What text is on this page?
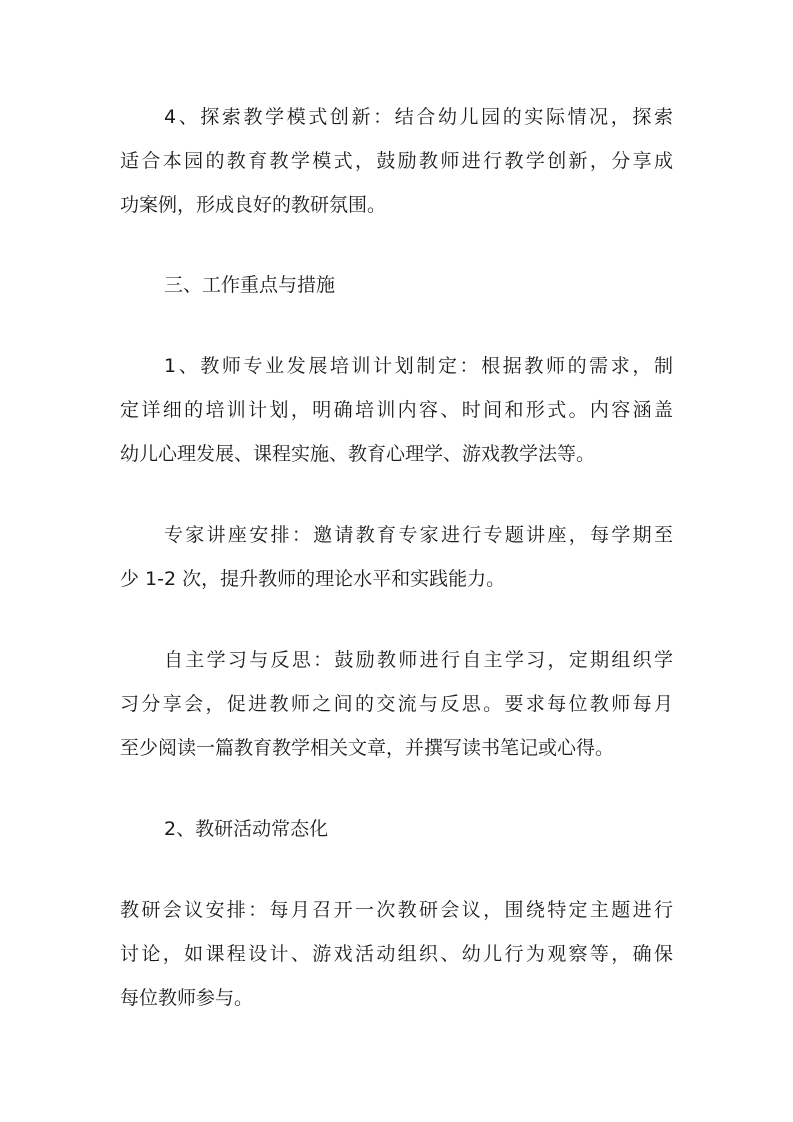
4、探索教学模式创新：结合幼儿园的实际情况，探索
适合本园的教育教学模式，鼓励教师进行教学创新，分享成
功案例，形成良好的教研氛围。
三、工作重点与措施
1、教师专业发展培训计划制定：根据教师的需求，制
定详细的培训计划，明确培训内容、时间和形式。内容涵盖
幼儿心理发展、课程实施、教育心理学、游戏教学法等。
专家讲座安排：邀请教育专家进行专题讲座，每学期至
少 1-2 次，提升教师的理论水平和实践能力。
自主学习与反思：鼓励教师进行自主学习，定期组织学
习分享会，促进教师之间的交流与反思。要求每位教师每月
至少阅读一篇教育教学相关文章，并撰写读书笔记或心得。
2、教研活动常态化
教研会议安排：每月召开一次教研会议，围绕特定主题进行
讨论，如课程设计、游戏活动组织、幼儿行为观察等，确保
每位教师参与。
